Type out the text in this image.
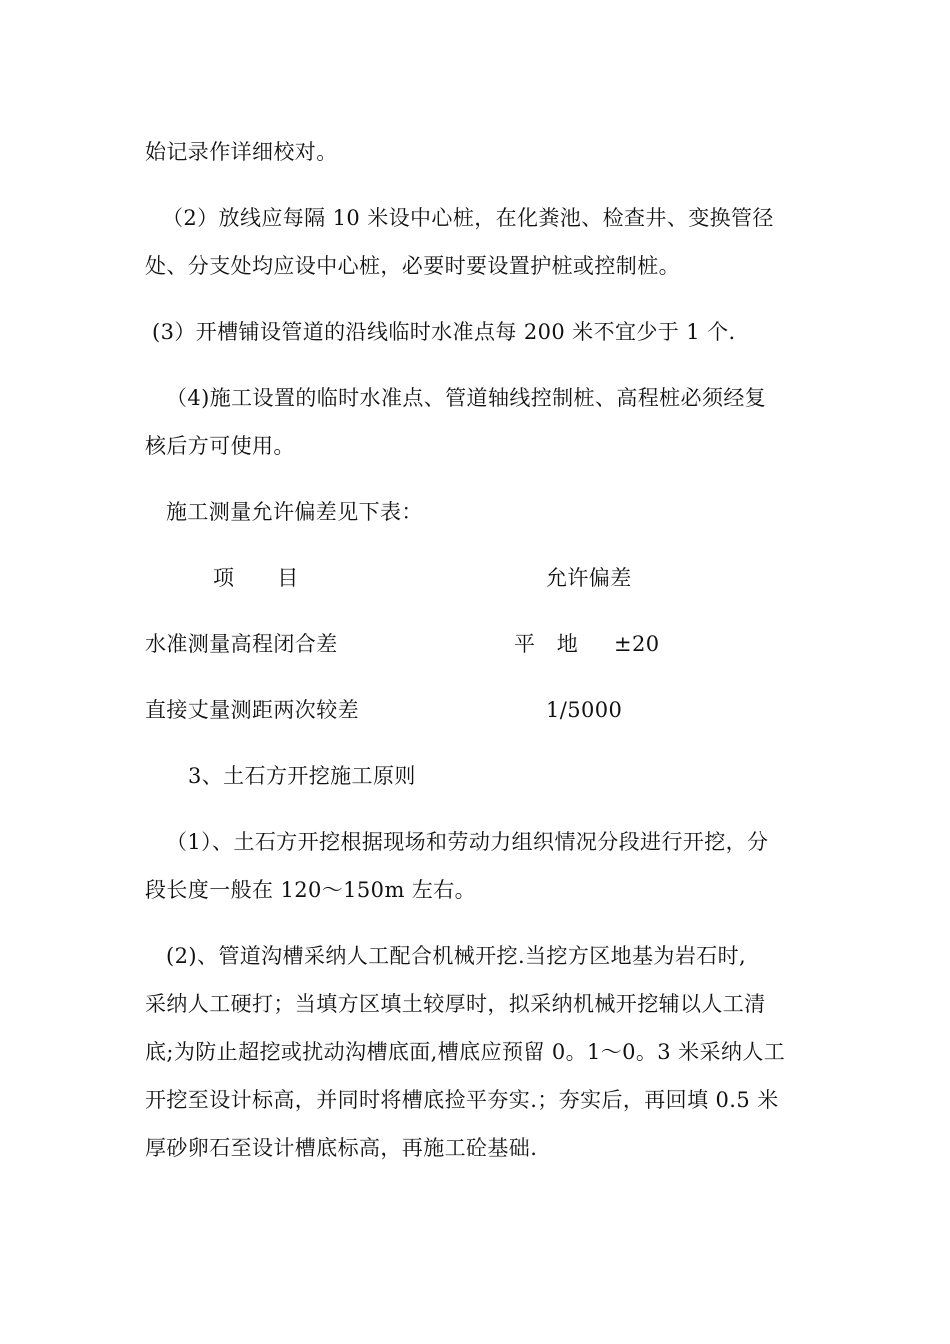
始记录作详细校对。
（2）放线应每隔 10 米设中心桩，在化粪池、检查井、变换管径
处、分支处均应设中心桩，必要时要设置护桩或控制桩。
(3）开槽铺设管道的沿线临时水准点每 200 米不宜少于 1 个.
（4)施工设置的临时水准点、管道轴线控制桩、高程桩必须经复
核后方可使用。
施工测量允许偏差见下表：
项　　目	允许偏差
水准测量高程闭合差	平　地 ±20
直接丈量测距两次较差	1/5000
3、土石方开挖施工原则
（1）、土石方开挖根据现场和劳动力组织情况分段进行开挖，分
段长度一般在 120～150m 左右。
(2)、管道沟槽采纳人工配合机械开挖.当挖方区地基为岩石时,
采纳人工硬打；当填方区填土较厚时，拟采纳机械开挖辅以人工清
底;为防止超挖或扰动沟槽底面,槽底应预留 0。1～0。3 米采纳人工
开挖至设计标高，并同时将槽底捡平夯实.；夯实后，再回填 0.5 米
厚砂卵石至设计槽底标高，再施工砼基础.
